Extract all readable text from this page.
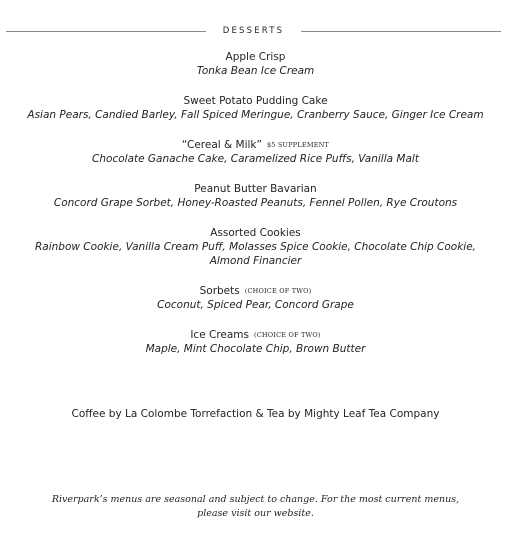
DESSERTS
Apple Crisp
Tonka Bean Ice Cream
Sweet Potato Pudding Cake
Asian Pears, Candied Barley, Fall Spiced Meringue, Cranberry Sauce, Ginger Ice Cream
“Cereal & Milk” $5 SUPPLEMENT
Chocolate Ganache Cake, Caramelized Rice Puffs, Vanilla Malt
Peanut Butter Bavarian
Concord Grape Sorbet, Honey-Roasted Peanuts, Fennel Pollen, Rye Croutons
Assorted Cookies
Rainbow Cookie, Vanilla Cream Puff, Molasses Spice Cookie, Chocolate Chip Cookie,
Almond Financier
Sorbets (CHOICE OF TWO)
Coconut, Spiced Pear, Concord Grape
Ice Creams (CHOICE OF TWO)
Maple, Mint Chocolate Chip, Brown Butter
Coffee by La Colombe Torrefaction & Tea by Mighty Leaf Tea Company
Riverpark’s menus are seasonal and subject to change. For the most current menus,
please visit our website.
